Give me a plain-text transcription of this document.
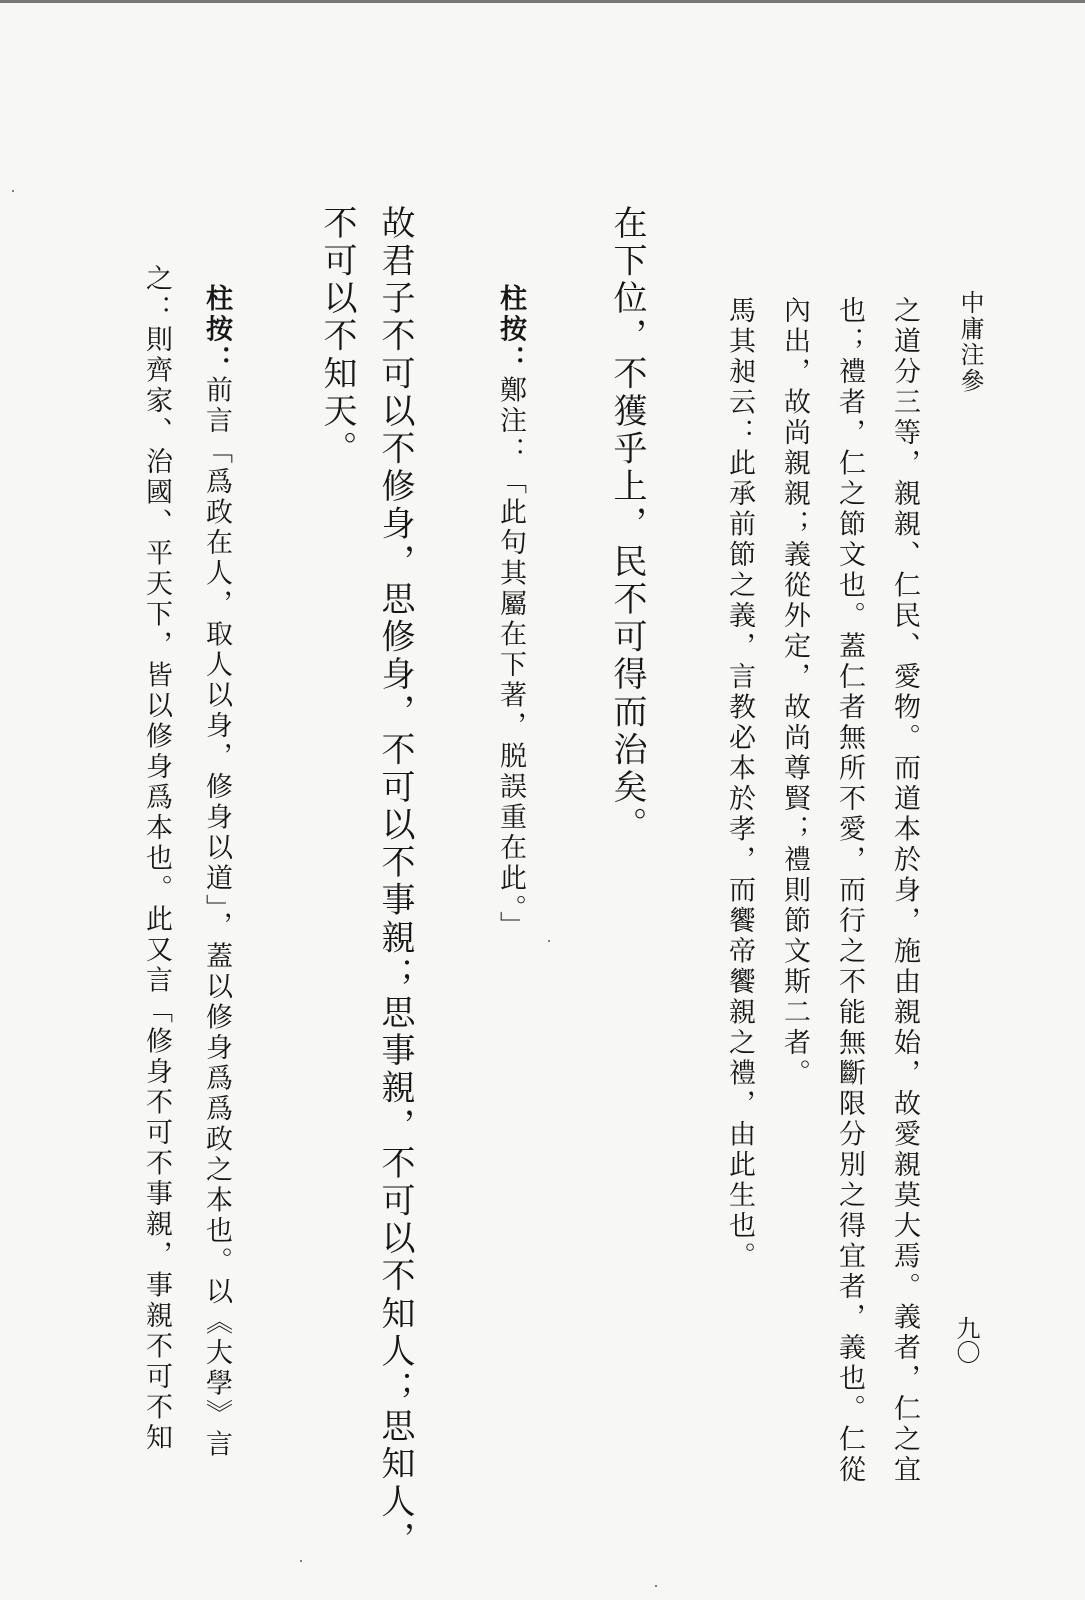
中庸注參
九〇
之道分三等，親親、仁民、愛物。而道本於身，施由親始，故愛親莫大焉。義者，仁之宜
也；禮者，仁之節文也。蓋仁者無所不愛，而行之不能無斷限分別之得宜者，義也。仁從
內出，故尚親親；義從外定，故尚尊賢；禮則節文斯二者。
馬其昶云：此承前節之義，言教必本於孝，而饗帝饗親之禮，由此生也。
在下位，不獲乎上，民不可得而治矣。
柱按：鄭注：「此句其屬在下著，脱誤重在此。」
故君子不可以不修身，思修身，不可以不事親；思事親，不可以不知人；思知人，
不可以不知天。
柱按：前言「爲政在人，取人以身，修身以道」，蓋以修身爲爲政之本也。以《大學》言
之：則齊家、治國、平天下，皆以修身爲本也。此又言「修身不可不事親，事親不可不知
